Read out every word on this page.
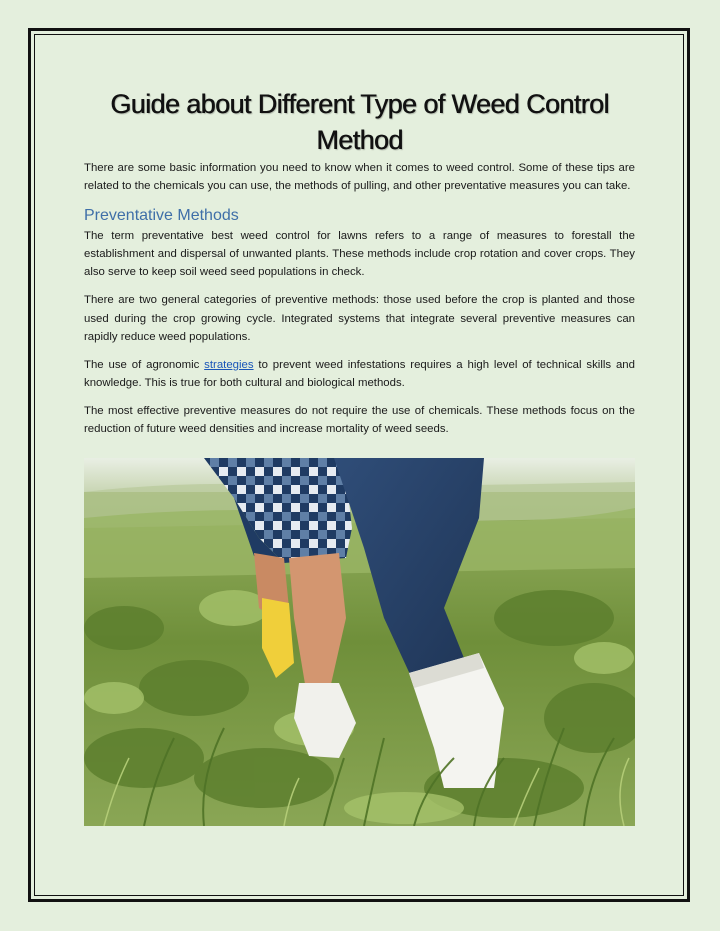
Guide about Different Type of Weed Control Method

There are some basic information you need to know when it comes to weed control. Some of these tips are related to the chemicals you can use, the methods of pulling, and other preventative measures you can take.

Preventative Methods

The term preventative best weed control for lawns refers to a range of measures to forestall the establishment and dispersal of unwanted plants. These methods include crop rotation and cover crops. They also serve to keep soil weed seed populations in check.

There are two general categories of preventive methods: those used before the crop is planted and those used during the crop growing cycle. Integrated systems that integrate several preventive measures can rapidly reduce weed populations.

The use of agronomic strategies to prevent weed infestations requires a high level of technical skills and knowledge. This is true for both cultural and biological methods.

The most effective preventive measures do not require the use of chemicals. These methods focus on the reduction of future weed densities and increase mortality of weed seeds.
